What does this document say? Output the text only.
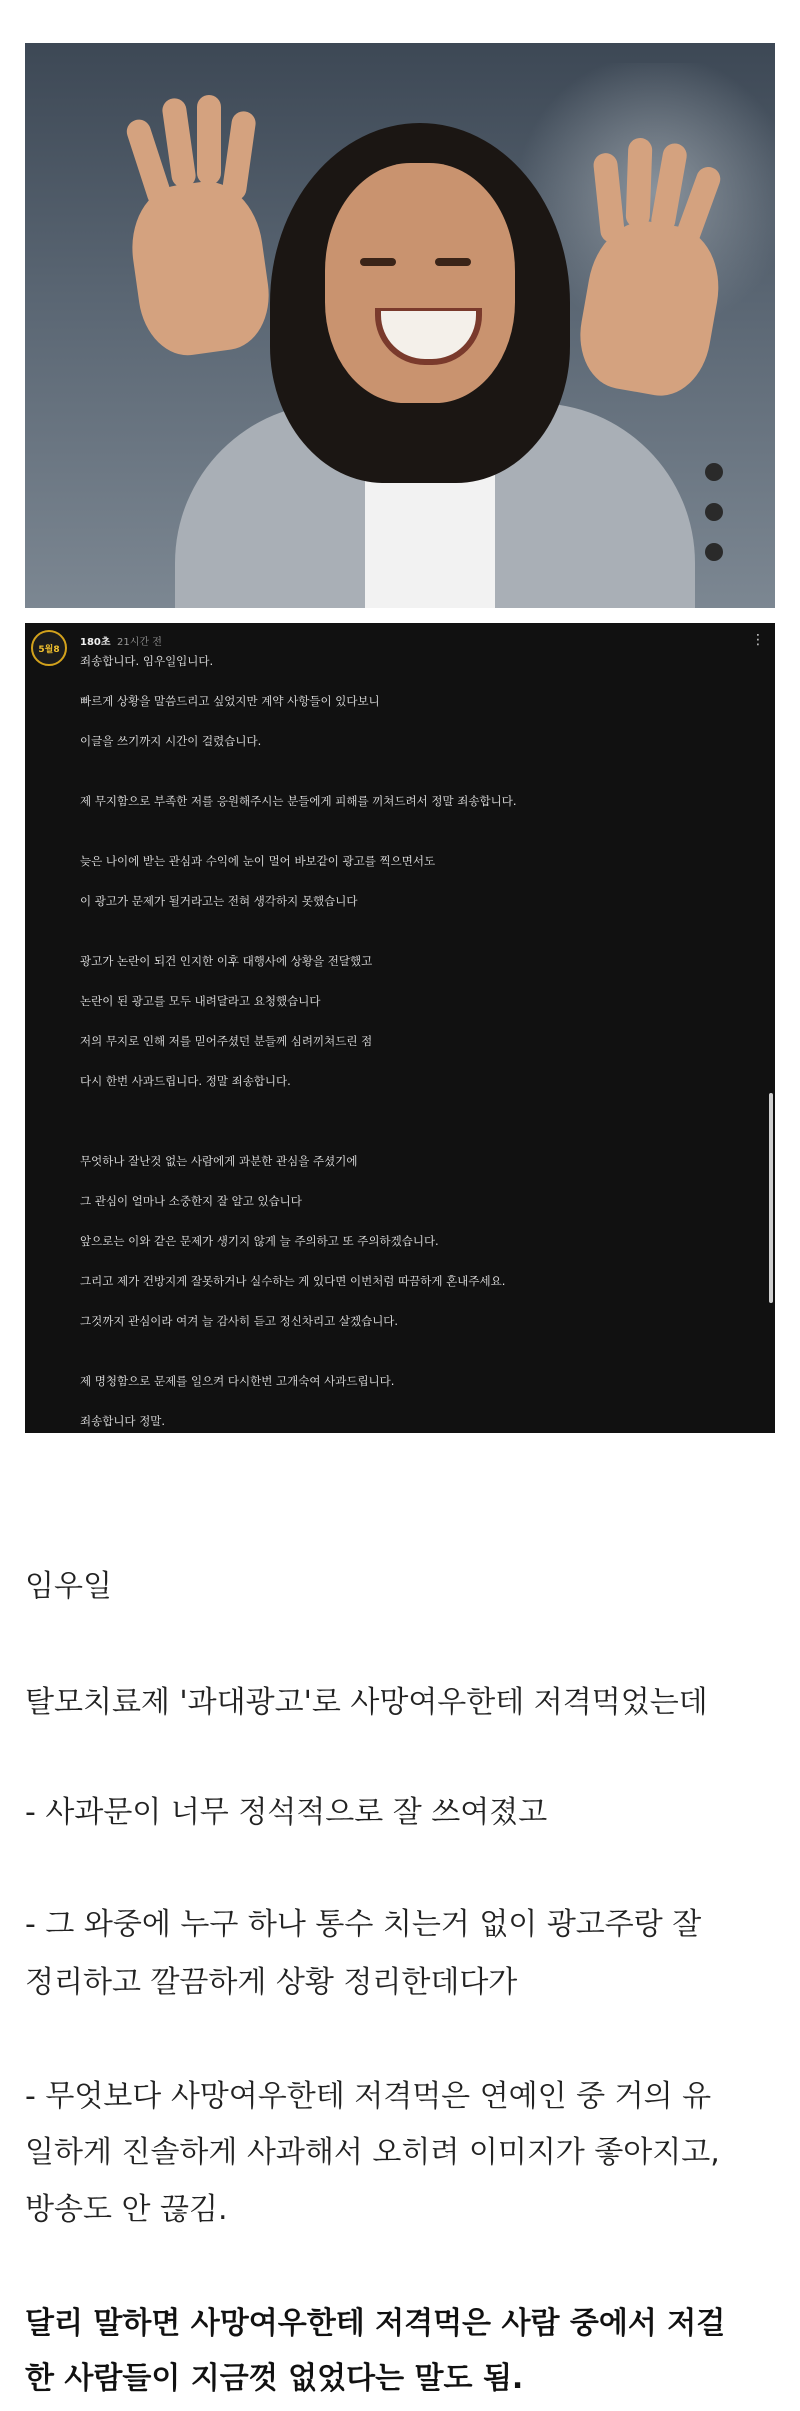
5월8
180초 21시간 전	⋮
죄송합니다. 임우일입니다.
빠르게 상황을 말씀드리고 싶었지만 계약 사항들이 있다보니
이글을 쓰기까지 시간이 걸렸습니다.
제 무지함으로 부족한 저를 응원해주시는 분들에게 피해를 끼쳐드려서 정말 죄송합니다.
늦은 나이에 받는 관심과 수익에 눈이 멀어 바보같이 광고를 찍으면서도
이 광고가 문제가 될거라고는 전혀 생각하지 못했습니다
광고가 논란이 되건 인지한 이후 대행사에 상황을 전달했고
논란이 된 광고를 모두 내려달라고 요청했습니다
저의 무지로 인해 저를 믿어주셨던 분들께 심려끼쳐드린 점
다시 한번 사과드립니다. 정말 죄송합니다.
무엇하나 잘난것 없는 사람에게 과분한 관심을 주셨기에
그 관심이 얼마나 소중한지 잘 알고 있습니다
앞으로는 이와 같은 문제가 생기지 않게 늘 주의하고 또 주의하겠습니다.
그리고 제가 건방지게 잘못하거나 실수하는 게 있다면 이번처럼 따끔하게 혼내주세요.
그것까지 관심이라 여겨 늘 감사히 듣고 정신차리고 살겠습니다.
제 명청함으로 문제를 일으켜 다시한번 고개숙여 사과드립니다.
죄송합니다 정말.
임우일
탈모치료제 '과대광고'로 사망여우한테 저격먹었는데
- 사과문이 너무 정석적으로 잘 쓰여졌고
- 그 와중에 누구 하나 통수 치는거 없이 광고주랑 잘
정리하고 깔끔하게 상황 정리한데다가
- 무엇보다 사망여우한테 저격먹은 연예인 중 거의 유
일하게 진솔하게 사과해서 오히려 이미지가 좋아지고,
방송도 안 끊김.
달리 말하면 사망여우한테 저격먹은 사람 중에서 저걸
한 사람들이 지금껏 없었다는 말도 됨.
